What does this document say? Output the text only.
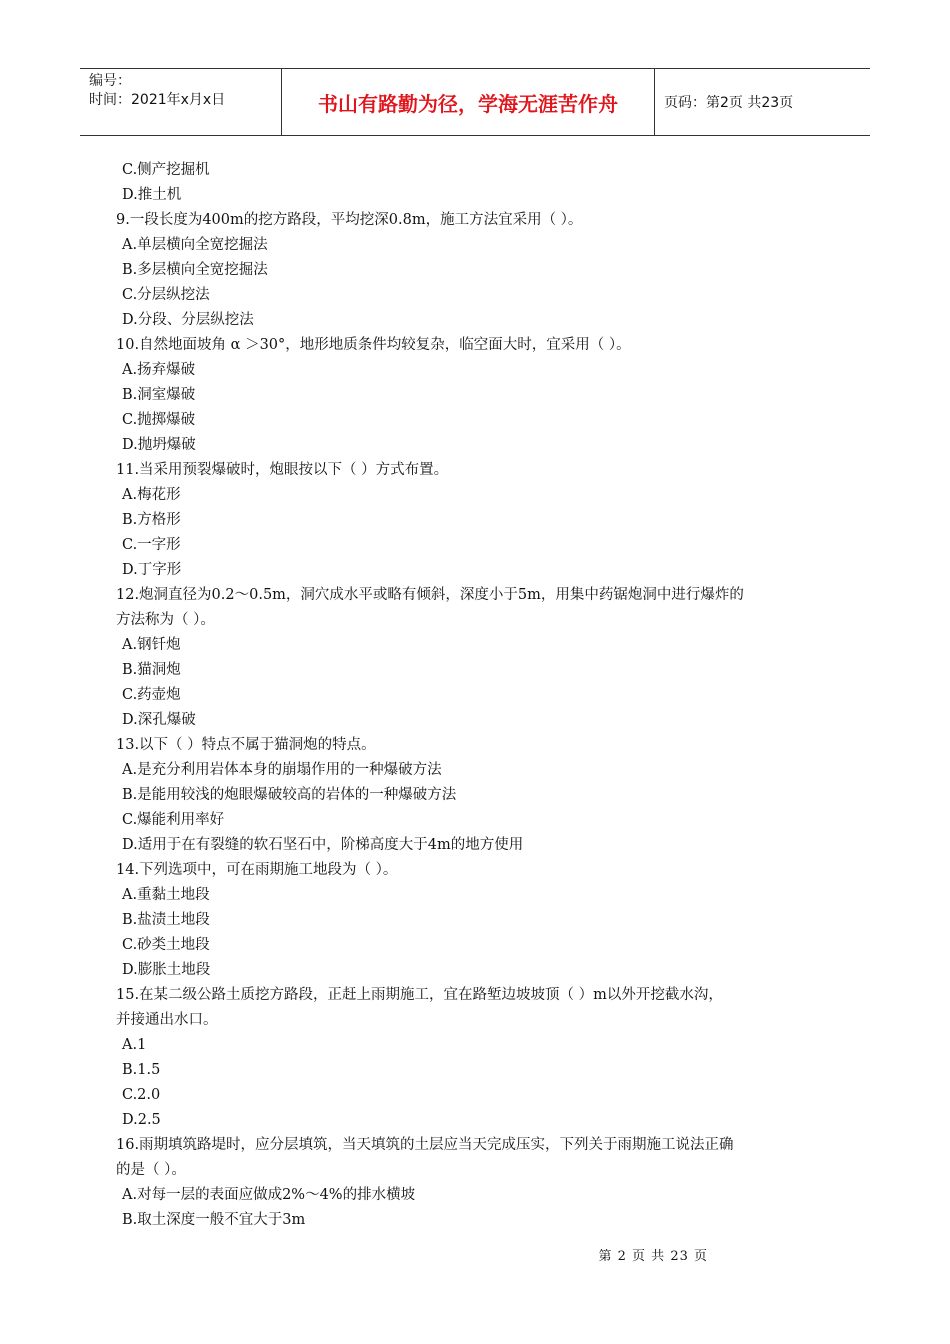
编号：
时间：2021年x月x日	书山有路勤为径，学海无涯苦作舟	页码：第2页 共23页
C.侧产挖掘机
D.推土机
9.一段长度为400m的挖方路段，平均挖深0.8m，施工方法宜采用（ ）。
A.单层横向全宽挖掘法
B.多层横向全宽挖掘法
C.分层纵挖法
D.分段、分层纵挖法
10.自然地面坡角 α ＞30°，地形地质条件均较复杂，临空面大时，宜采用（ ）。
A.扬弃爆破
B.洞室爆破
C.抛掷爆破
D.抛坍爆破
11.当采用预裂爆破时，炮眼按以下（ ）方式布置。
A.梅花形
B.方格形
C.一字形
D.丁字形
12.炮洞直径为0.2～0.5m，洞穴成水平或略有倾斜，深度小于5m，用集中药锯炮洞中进行爆炸的
方法称为（ ）。
A.钢钎炮
B.猫洞炮
C.药壶炮
D.深孔爆破
13.以下（ ）特点不属于猫洞炮的特点。
A.是充分利用岩体本身的崩塌作用的一种爆破方法
B.是能用较浅的炮眼爆破较高的岩体的一种爆破方法
C.爆能利用率好
D.适用于在有裂缝的软石坚石中，阶梯高度大于4m的地方使用
14.下列选项中，可在雨期施工地段为（ ）。
A.重黏土地段
B.盐渍土地段
C.砂类土地段
D.膨胀土地段
15.在某二级公路土质挖方路段，正赶上雨期施工，宜在路堑边坡坡顶（ ）m以外开挖截水沟，
并接通出水口。
A.1
B.1.5
C.2.0
D.2.5
16.雨期填筑路堤时，应分层填筑，当天填筑的土层应当天完成压实，下列关于雨期施工说法正确
的是（ ）。
A.对每一层的表面应做成2%～4%的排水横坡
B.取土深度一般不宜大于3m
第 2 页 共 23 页
